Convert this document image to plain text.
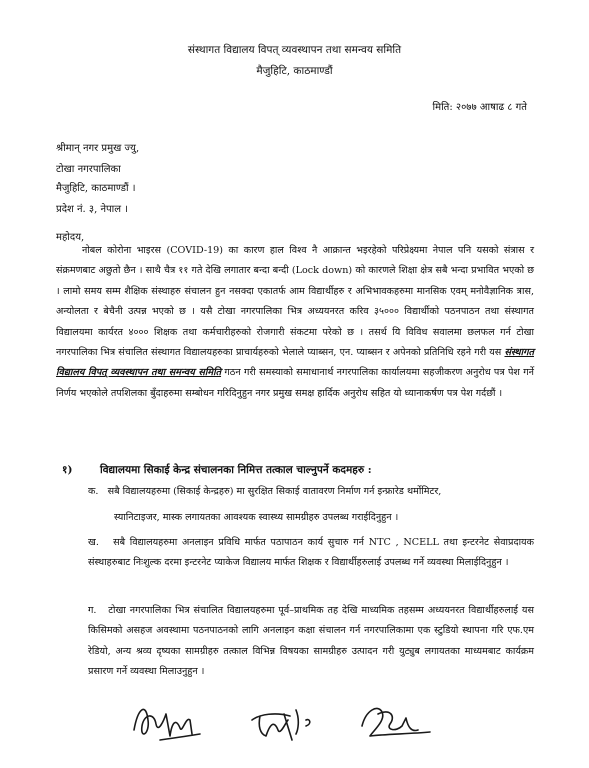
संस्थागत विद्यालय विपत् व्यवस्थापन तथा समन्वय समिति
मैजुहिटि, काठमाण्डौं
मिति: २०७७ आषाढ ८ गते
श्रीमान् नगर प्रमुख ज्यु,
टोखा नगरपालिका
मैजुहिटि, काठमाण्डौं ।
प्रदेश नं. ३, नेपाल ।
महोदय,
नोबल कोरोना भाइरस (COVID-19) का कारण हाल विश्व नै आक्रान्त भइरहेको परिप्रेक्ष्यमा नेपाल पनि यसको संत्रास र संक्रमणबाट अछुतो छैन । साथै चैत्र ११ गते देखि लगातार बन्दा बन्दी (Lock down) को कारणले शिक्षा क्षेत्र सबै भन्दा प्रभावित भएको छ । लामो समय सम्म शैक्षिक संस्थाहरु संचालन हुन नसक्दा एकातर्फ आम विद्यार्थीहरु र अभिभावकहरुमा मानसिक एवम् मनोवैज्ञानिक त्रास, अन्योलता र बेचैनी उत्पन्न भएको छ । यसै टोखा नगरपालिका भित्र अध्ययनरत करिव ३५००० विद्यार्थीको पठनपाठन तथा संस्थागत विद्यालयमा कार्यरत ४००० शिक्षक तथा कर्मचारीहरुको रोजगारी संकटमा परेको छ । तसर्थ यि विविध सवालमा छलफल गर्न टोखा नगरपालिका भित्र संचालित संस्थागत विद्यालयहरुका प्राचार्यहरुको भेलाले प्याब्सन, एन. प्याब्सन र अपेनको प्रतिनिधि रहने गरी यस संस्थागत विद्यालय विपत् व्यवस्थापन तथा समन्वय समिति गठन गरी समस्याको समाधानार्थ नगरपालिका कार्यालयमा सहजीकरण अनुरोध पत्र पेश गर्ने निर्णय भएकोले तपशिलका बुँदाहरुमा सम्बोधन गरिदिनुहुन नगर प्रमुख समक्ष हार्दिक अनुरोध सहित यो ध्यानाकर्षण पत्र पेश गर्दछौं ।
१)	विद्यालयमा सिकाई केन्द्र संचालनका निमित्त तत्काल चाल्नुपर्ने कदमहरु :
क. सबै विद्यालयहरुमा (सिकाई केन्द्रहरु) मा सुरक्षित सिकाई वातावरण निर्माण गर्न इन्फ्रारेड थर्मोमिटर,
स्यानिटाइजर, मास्क लगायतका आवश्यक स्वास्थ्य सामग्रीहरु उपलब्ध गराईदिनुहुन ।
ख. सबै विद्यालयहरुमा अनलाइन प्रविधि मार्फत पठापाठन कार्य सुचारु गर्न NTC , NCELL तथा इन्टरनेट सेवाप्रदायक संस्थाहरुबाट निःशुल्क दरमा इन्टरनेट प्याकेज विद्यालय मार्फत शिक्षक र विद्यार्थीहरुलाई उपलब्ध गर्ने व्यवस्था मिलाईदिनुहुन ।
ग. टोखा नगरपालिका भित्र संचालित विद्यालयहरुमा पूर्व–प्राथमिक तह देखि माध्यमिक तहसम्म अध्ययनरत विद्यार्थीहरुलाई यस किसिमको असहज अवस्थामा पठनपाठनको लागि अनलाइन कक्षा संचालन गर्न नगरपालिकामा एक स्टुडियो स्थापना गरि एफ.एम रेडियो, अन्य श्रव्य दृष्यका सामग्रीहरु तत्काल विभिन्न विषयका सामग्रीहरु उत्पादन गरी युट्युब लगायतका माध्यमबाट कार्यक्रम प्रसारण गर्ने व्यवस्था मिलाउनुहुन ।
